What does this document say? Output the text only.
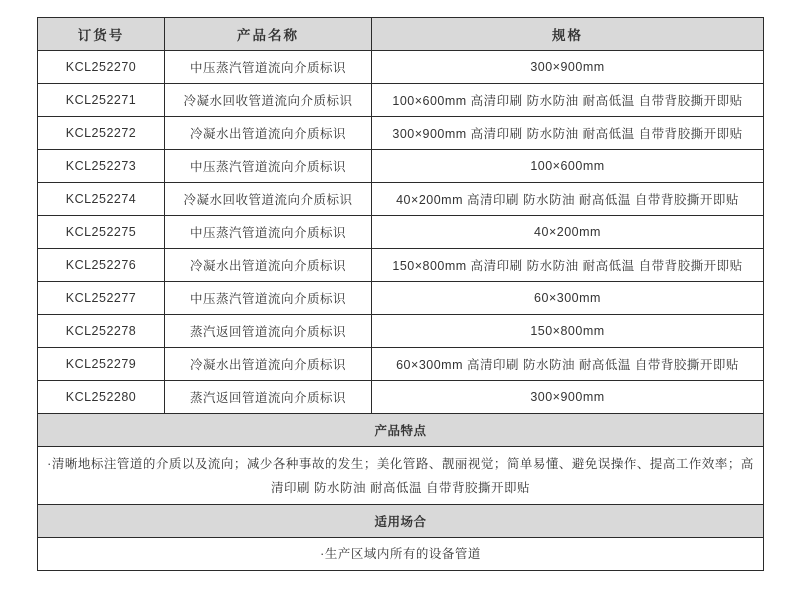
订货号	产品名称	规格
KCL252270	中压蒸汽管道流向介质标识	300×900mm
KCL252271	冷凝水回收管道流向介质标识	100×600mm 高清印刷 防水防油 耐高低温 自带背胶撕开即贴
KCL252272	冷凝水出管道流向介质标识	300×900mm 高清印刷 防水防油 耐高低温 自带背胶撕开即贴
KCL252273	中压蒸汽管道流向介质标识	100×600mm
KCL252274	冷凝水回收管道流向介质标识	40×200mm 高清印刷 防水防油 耐高低温 自带背胶撕开即贴
KCL252275	中压蒸汽管道流向介质标识	40×200mm
KCL252276	冷凝水出管道流向介质标识	150×800mm 高清印刷 防水防油 耐高低温 自带背胶撕开即贴
KCL252277	中压蒸汽管道流向介质标识	60×300mm
KCL252278	蒸汽返回管道流向介质标识	150×800mm
KCL252279	冷凝水出管道流向介质标识	60×300mm 高清印刷 防水防油 耐高低温 自带背胶撕开即贴
KCL252280	蒸汽返回管道流向介质标识	300×900mm
产品特点		
·清晰地标注管道的介质以及流向；减少各种事故的发生；美化管路、靓丽视觉；简单易懂、避免误操作、提高工作效率；高清印刷 防水防油 耐高低温 自带背胶撕开即贴		
适用场合		
·生产区域内所有的设备管道		
